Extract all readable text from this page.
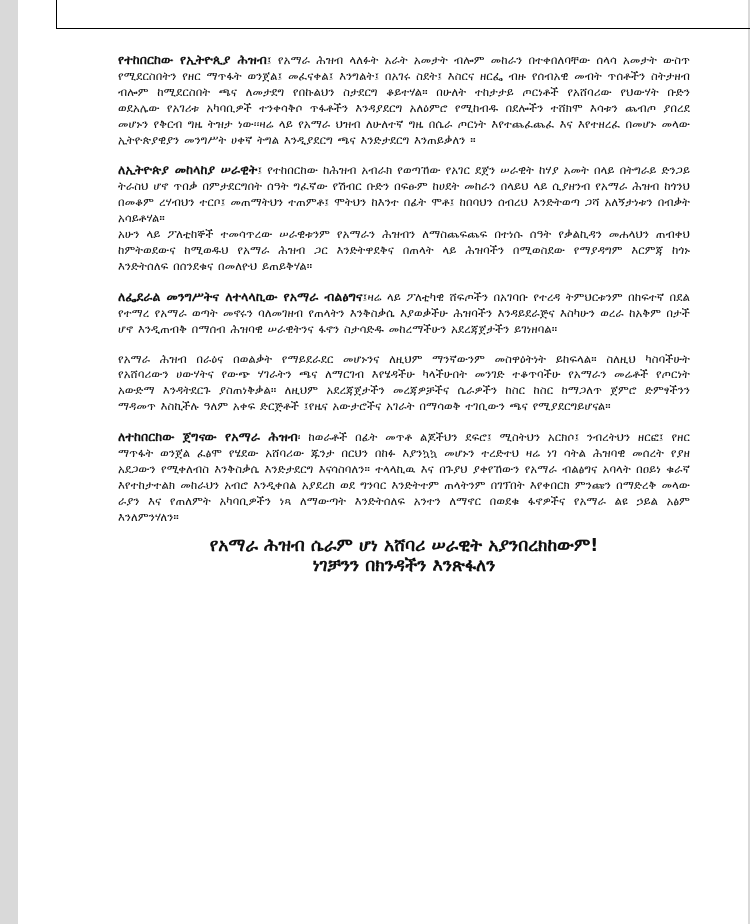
የተከበርከው የኢትዮጲያ ሕዝብ፤ የአማራ ሕዝብ ላለፉት አራት አመታት ብሎም መከራን በተቀበለባቸው ሰላሳ አመታት ውስጥ የሚደርስበትን የዘር ማጥፋት ወንጀል፤ መፈናቀል፤ እንግልት፤ በአገሩ ስደት፤ እስርና ዘርፌ ብዙ የሰብአዊ መብት ጥሰቶችን ስትታዘብ ብሎም ከሚደርስበት ጫና ለመታደግ የበኩልህን ስታደርግ ቆይተሃል። በሁለት ተከታታይ ጦርነቶች የአሸባሪው የህውሃት ቡድን ወደአሌው የአገሪቱ አካባቢዎች ተንቀሳቅሶ ጥፋቶችን እንዳያደርግ አለዕምሮ የሚከብዱ በደሎችን ተሸክሞ እሳቱን ጨብጦ ያበረደ መሆኑን የቅርብ ግዜ ትዝታ ነው፡፡ዛሬ ላይ የአማራ ህዝብ ለሁለተኛ ግዜ በሴራ ጦርነት እየተጨፈጨፈ እና እየተዘረፈ በመሆኑ መላው ኢትዮጵያዊያን መንግሥት ሀቀኛ ትግል እንዲያደርግ ጫና እንድታደርግ እንጠይቃለን ።

ለኢትዮጵያ መከላከያ ሠራዊት፤ የተከበርከው ከሕዝብ አብራክ የወጣኸው የአገር ደጀን ሠራዊት ከሃያ አመት በላይ በትግራይ ድንጋይ ትራስህ ሆኖ ጥበቃ በምታደርግበት ሰዓት ግፈኛው የሽብር ቡድን በፍፁም ከሀደት መከራን በላይህ ላይ ሲያዘንብ የአማራ ሕዝብ ከጎንህ በመቆም ረሃብህን ተርቦ፤ መጠማትህን ተጠምቶ፤ ሞትህን ከእንተ በፊት ሞቶ፤ ከበባህን ሰብረህ እንድትወጣ ጋሻ አለኝታነቱን በብቃት አሳይቶሃል።
አሁን ላይ ፖለቲከኞች ተመሳጥረው ሠራዊቱንም የአማራን ሕዝብን ለማስጨፍጨፍ በተነሱ ሰዓት የቃልኪዳን መሐላህን ጠብቀህ ከምትወደውና ከሚወዱህ የአማራ ሕዝብ ጋር እንድትዋደቅና በጠላት ላይ ሕዝባችን በሚወስደው የማያዳግም እርምጃ ከጎኑ እንድትሰለፍ በሰንደቁና በመለዮህ ይጠይቅሃል።

ለፌደራል መንግሥትና ለተላላኪው የአማራ ብልፅግና፤ዛሬ ላይ ፖለቲካዊ ሸፍጦችን በአገባቡ የተረዳ ትምህርቱንም በከፍተኛ በደል የተማረ የአማራ ወጣት መኖሩን ባለመገዘብ የጠላትን እንቅስቃሴ እያወቃችሁ ሕዝባችን እንዳይደራጅና እስካሁን ወረራ ከአቅም በታች ሆኖ እንዲጠብቅ በማሰብ ሕዝባዊ ሠራዊትንና ፋኖን ስታሳድዱ መከረማችሁን አደረጃጀታችን ይገነዘባል።

የአማራ ሕዝብ በራዕና በወልቃት የማይደራደር መሆኑንና ለዚህም ማንኛውንም መስዋዕትነት ይከፍላል። ስለዚህ ካስባችሁት የአሸባሪውን ሀውሃትና የውጭ ሃገራትን ጫና ለማርገብ እየሄዳችሁ ካላችሁበት መንገድ ተቆጥባችሁ የአማራን መሬቶች የጦርነት አውድማ እንዳትደርጉ ያስጠነቅቃል። ለዚህም አደረጃጀታችን መረጃዎቻችና ሴራዎችን ከስር ከስር ከማጋለጥ ጀምሮ ድምፃችንን ማዳመጥ እስኪችሉ ዓለም አቀፍ ድርጅቶች ፤የዜና አውታሮችና አገራት በማሳወቅ ተገቢውን ጫና የሚያደርግይሆናል።

ለተከበርከው ጀግናው የአማራ ሕዝብ፡ ከወራቶች በፊት መጥቶ ልጆችህን ደፍሮ፤ ሚስትህን አርክሶ፤ ንብረትህን ዘርፎ፤ የዘር ማጥፋት ወንጀል ፈፅሞ የሄደው አሸባሪው ጁንታ በርህን በከፉ እያንኳኳ መሆኑን ተረድተህ ዛሬ ነገ ሳትል ሕዝባዊ መሰረት የያዘ አደጋውን የሚቀለብስ እንቅስቃሴ እንድታደርግ እናሳስባለን። ተላላኪዉ እና በጉያህ ያቀየኸውን የአማራ ብልፅግና አባላት በዐይነ ቁራኛ እየተከታተልክ መከራህን አብሮ እንዲቀበል አያደረክ ወደ ግንባር እንድትተም ጠላትንም በገፕበት እየቀበርክ ምንጩን በማድረቅ መላው ራያን እና የጠለምት አካባቢዎችን ነጻ ለማውጣት እንድትሰለፍ አንተን ለማኖር በወደቁ ፋኖዎችና የአማራ ልዩ ኃይል አፅም እንለምንሃለን።

የአማራ ሕዝብ ሴራም ሆነ አሸባሪ ሠራዊት አያንበረክከውም!
ነገቻንን በክንዳችን እንጽፋለን
